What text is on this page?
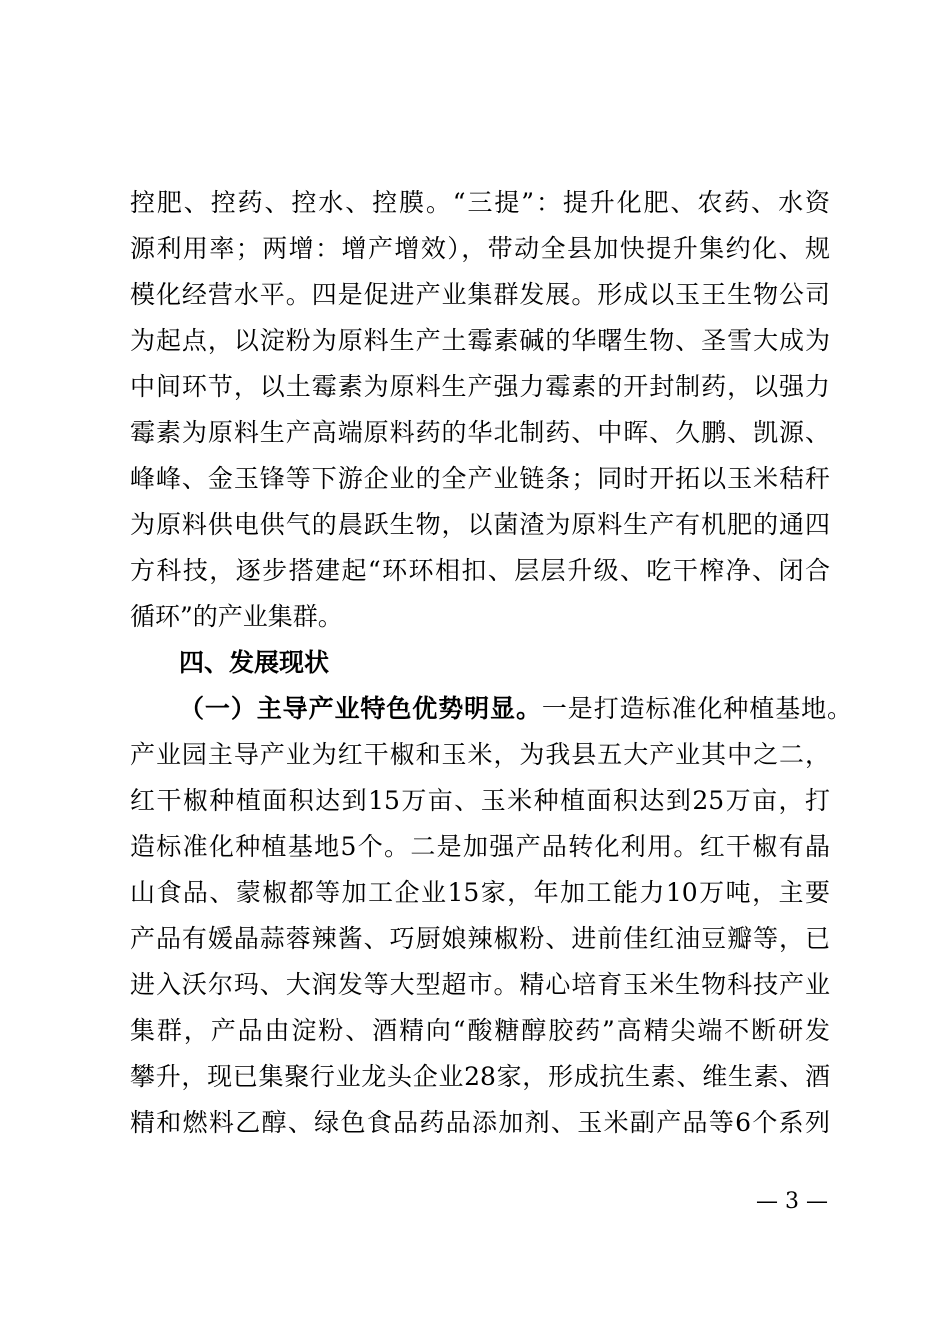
控肥、控药、控水、控膜。“三提”：提升化肥、农药、水资
源利用率；两增：增产增效），带动全县加快提升集约化、规
模化经营水平。四是促进产业集群发展。形成以玉王生物公司
为起点，以淀粉为原料生产土霉素碱的华曙生物、圣雪大成为
中间环节，以土霉素为原料生产强力霉素的开封制药，以强力
霉素为原料生产高端原料药的华北制药、中晖、久鹏、凯源、
峰峰、金玉锋等下游企业的全产业链条；同时开拓以玉米秸秆
为原料供电供气的晨跃生物，以菌渣为原料生产有机肥的通四
方科技，逐步搭建起“环环相扣、层层升级、吃干榨净、闭合
循环”的产业集群。
四、发展现状
（一）主导产业特色优势明显。一是打造标准化种植基地。
产业园主导产业为红干椒和玉米，为我县五大产业其中之二，
红干椒种植面积达到15万亩、玉米种植面积达到25万亩，打
造标准化种植基地5个。二是加强产品转化利用。红干椒有晶
山食品、蒙椒都等加工企业15家，年加工能力10万吨，主要
产品有媛晶蒜蓉辣酱、巧厨娘辣椒粉、进前佳红油豆瓣等，已
进入沃尔玛、大润发等大型超市。精心培育玉米生物科技产业
集群，产品由淀粉、酒精向“酸糖醇胶药”高精尖端不断研发
攀升，现已集聚行业龙头企业28家，形成抗生素、维生素、酒
精和燃料乙醇、绿色食品药品添加剂、玉米副产品等6个系列
— 3 —
